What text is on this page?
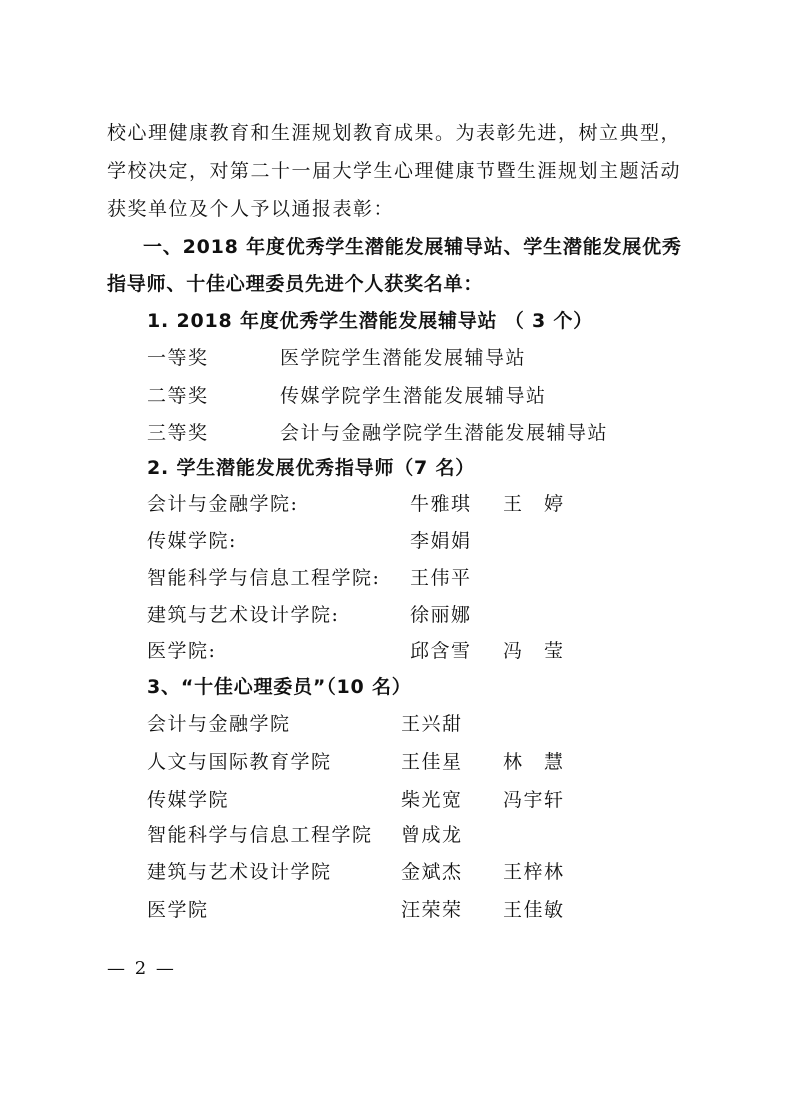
校心理健康教育和生涯规划教育成果。为表彰先进，树立典型，
学校决定，对第二十一届大学生心理健康节暨生涯规划主题活动
获奖单位及个人予以通报表彰：
一、2018 年度优秀学生潜能发展辅导站、学生潜能发展优秀
指导师、十佳心理委员先进个人获奖名单：
1. 2018 年度优秀学生潜能发展辅导站 （ 3 个）
一等奖	医学院学生潜能发展辅导站
二等奖	传媒学院学生潜能发展辅导站
三等奖	会计与金融学院学生潜能发展辅导站
2. 学生潜能发展优秀指导师（7 名）
会计与金融学院:	牛雅琪 王　婷
传媒学院:	李娟娟
智能科学与信息工程学院: 王伟平
建筑与艺术设计学院:	徐丽娜
医学院:	邱含雪 冯　莹
3、“十佳心理委员”（10 名）
会计与金融学院	王兴甜
人文与国际教育学院	王佳星 林　慧
传媒学院	柴光宽 冯宇轩
智能科学与信息工程学院 曾成龙
建筑与艺术设计学院	金斌杰 王梓林
医学院	汪荣荣 王佳敏
— 2 —
